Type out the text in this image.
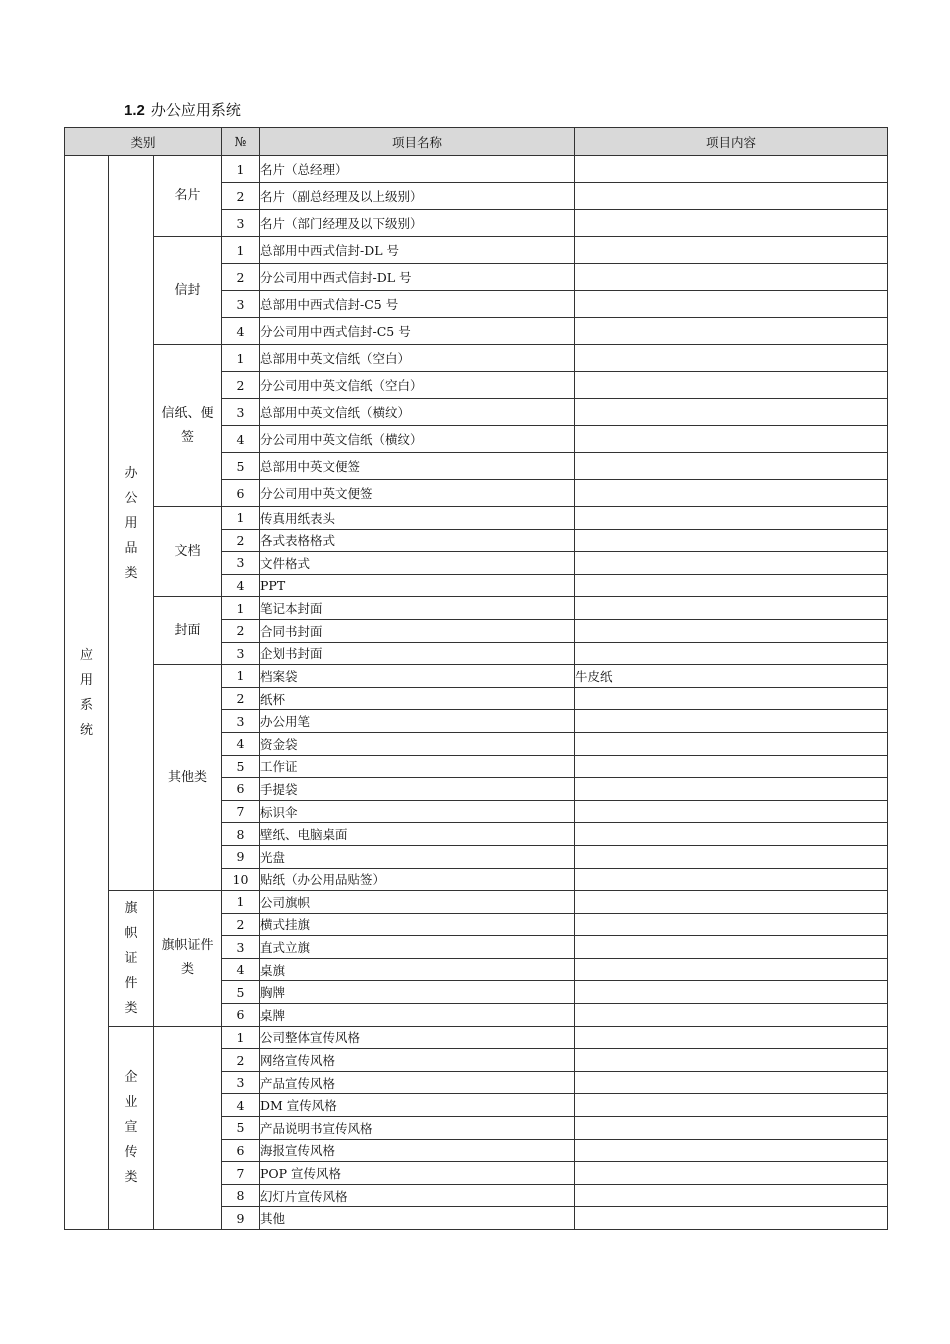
1.2 办公应用系统
类别			№	项目名称	项目内容
应用系统	办公用品类	名片	1	名片（总经理）	
			2	名片（副总经理及以上级别）	
			3	名片（部门经理及以下级别）	
		信封	1	总部用中西式信封-DL 号	
			2	分公司用中西式信封-DL 号	
			3	总部用中西式信封-C5 号	
			4	分公司用中西式信封-C5 号	
		信纸、便签	1	总部用中英文信纸（空白）	
			2	分公司用中英文信纸（空白）	
			3	总部用中英文信纸（横纹）	
			4	分公司用中英文信纸（横纹）	
			5	总部用中英文便签	
			6	分公司用中英文便签	
		文档	1	传真用纸表头	
			2	各式表格格式	
			3	文件格式	
			4	PPT	
		封面	1	笔记本封面	
			2	合同书封面	
			3	企划书封面	
		其他类	1	档案袋	牛皮纸
			2	纸杯	
			3	办公用笔	
			4	资金袋	
			5	工作证	
			6	手提袋	
			7	标识伞	
			8	壁纸、电脑桌面	
			9	光盘	
			10	贴纸（办公用品贴签）	
	旗帜证件类	旗帜证件类	1	公司旗帜	
			2	横式挂旗	
			3	直式立旗	
			4	桌旗	
			5	胸牌	
			6	桌牌	
	企业宣传类		1	公司整体宣传风格	
			2	网络宣传风格	
			3	产品宣传风格	
			4	DM 宣传风格	
			5	产品说明书宣传风格	
			6	海报宣传风格	
			7	POP 宣传风格	
			8	幻灯片宣传风格	
			9	其他	
